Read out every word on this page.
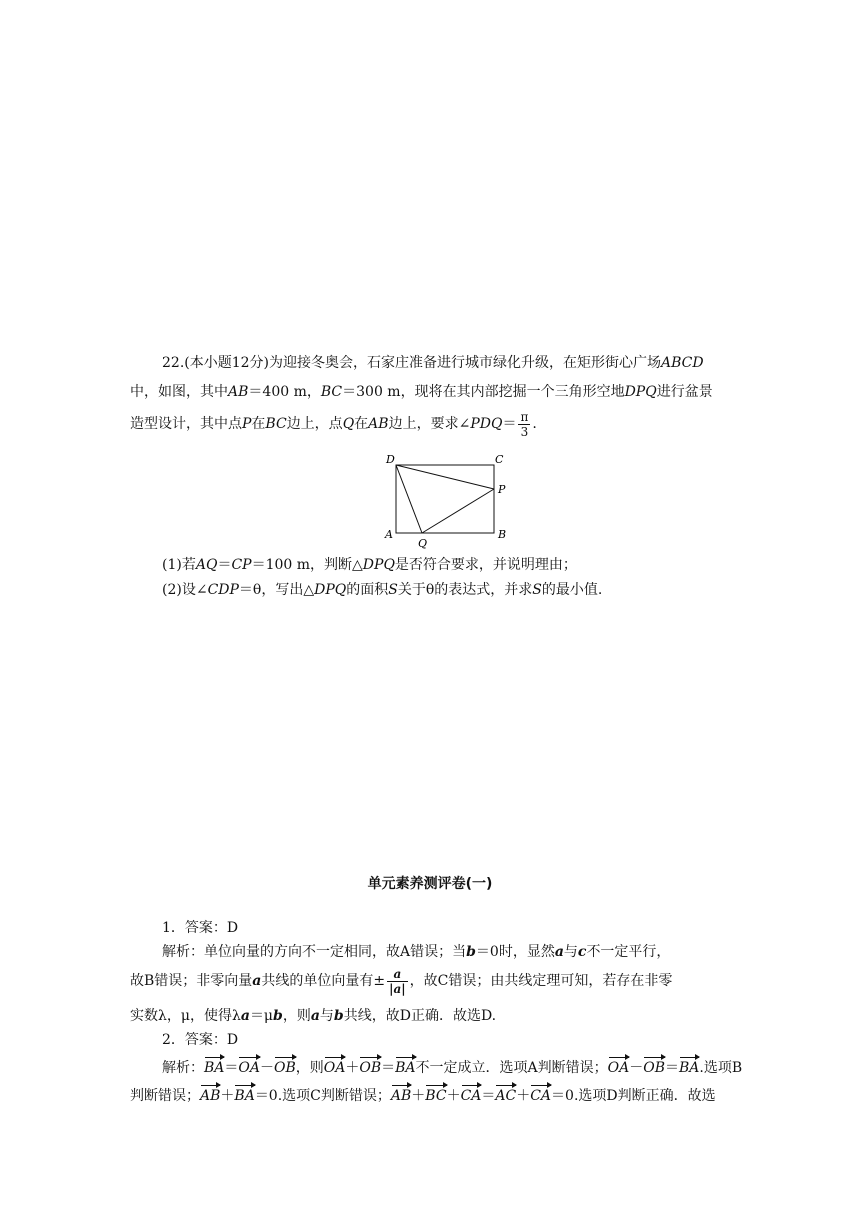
22.(本小题12分)为迎接冬奥会，石家庄准备进行城市绿化升级，在矩形街心广场ABCD
中，如图，其中AB＝400 m，BC＝300 m，现将在其内部挖掘一个三角形空地DPQ进行盆景
造型设计，其中点P在BC边上，点Q在AB边上，要求∠PDQ＝ $\frac{\pi}{3}$ .
D	C
P
A
Q
B
(1)若AQ＝CP＝100 m，判断△DPQ是否符合要求，并说明理由；
(2)设∠CDP＝θ，写出△DPQ的面积S关于θ的表达式，并求S的最小值.
单元素养测评卷(一)
1．答案：D
解析：单位向量的方向不一定相同，故A错误；当b＝0时，显然a与c不一定平行，
故B错误；非零向量a共线的单位向量有± $\frac{a}{|a|}$ ，故C错误；由共线定理可知，若存在非零
实数λ，μ，使得λa＝μb，则a与b共线，故D正确．故选D.
2．答案：D
解析：BA＝OA－OB，则OA＋OB＝BA不一定成立．选项A判断错误；OA－OB＝BA.选项B
判断错误；AB＋BA＝0.选项C判断错误；AB＋BC＋CA＝AC＋CA＝0.选项D判断正确．故选
